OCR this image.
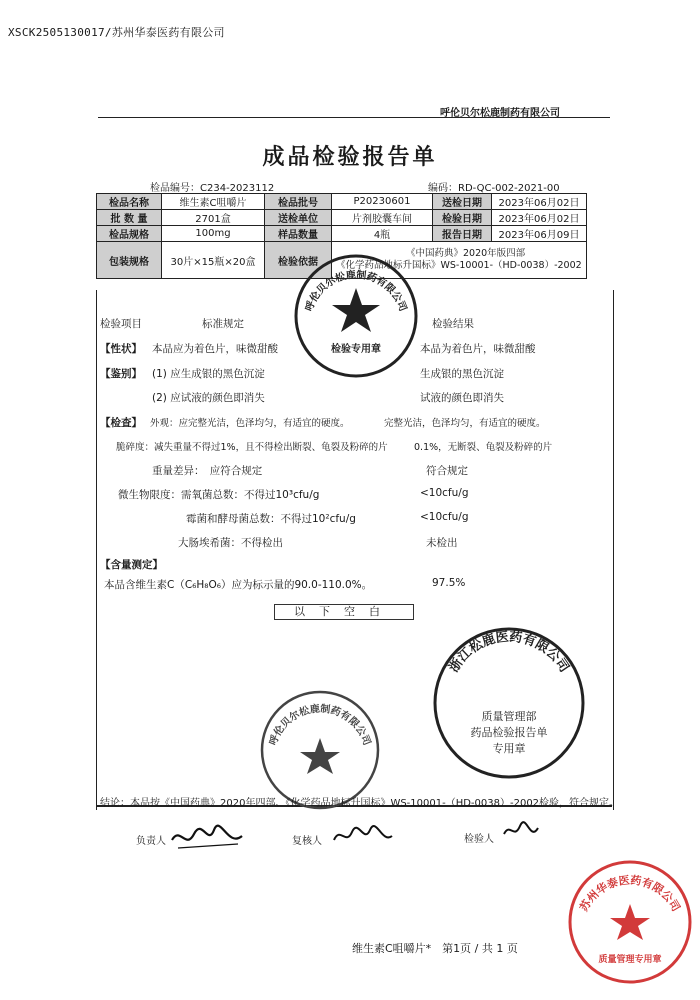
XSCK2505130017/苏州华泰医药有限公司
呼伦贝尔松鹿制药有限公司
成品检验报告单
检品编号：C234-2023112	编码：RD-QC-002-2021-00
检品名称	维生素C咀嚼片	检品批号	P20230601	送检日期	2023年06月02日
批 数 量	2701盒	送检单位	片剂胶囊车间	检验日期	2023年06月02日
检品规格	100mg	样品数量	4瓶	报告日期	2023年06月09日
包装规格	30片×15瓶×20盒	检验依据	《中国药典》2020年版四部
《化学药品地标升国标》WS-10001-（HD-0038）-2002		
检验项目	标准规定	检验结果
【性状】 本品应为着色片，味微甜酸	本品为着色片，味微甜酸
【鉴别】 (1) 应生成银的黑色沉淀	生成银的黑色沉淀
(2) 应试液的颜色即消失	试液的颜色即消失
【检查】 外观：应完整光洁，色泽均匀，有适宜的硬度。	完整光洁，色泽均匀，有适宜的硬度。
脆碎度：减失重量不得过1%，且不得检出断裂、龟裂及粉碎的片	0.1%，无断裂、龟裂及粉碎的片
重量差异：　应符合规定	符合规定
微生物限度：需氧菌总数：不得过10³cfu/g	<10cfu/g
霉菌和酵母菌总数：不得过10²cfu/g	<10cfu/g
大肠埃希菌：不得检出	未检出
【含量测定】
本品含维生素C（C₆H₈O₆）应为标示量的90.0-110.0%。	97.5%
以下空白
呼伦贝尔松鹿制药有限公司
检验专用章
呼伦贝尔松鹿制药有限公司
浙江松鹿医药有限公司
质量管理部
药品检验报告单
专用章
结论：本品按《中国药典》2020年四部、《化学药品地标升国标》WS-10001-（HD-0038）-2002检验，符合规定。
负责人	复核人	检验人
苏州华泰医药有限公司
质量管理专用章
维生素C咀嚼片*　第1页 / 共 1 页
